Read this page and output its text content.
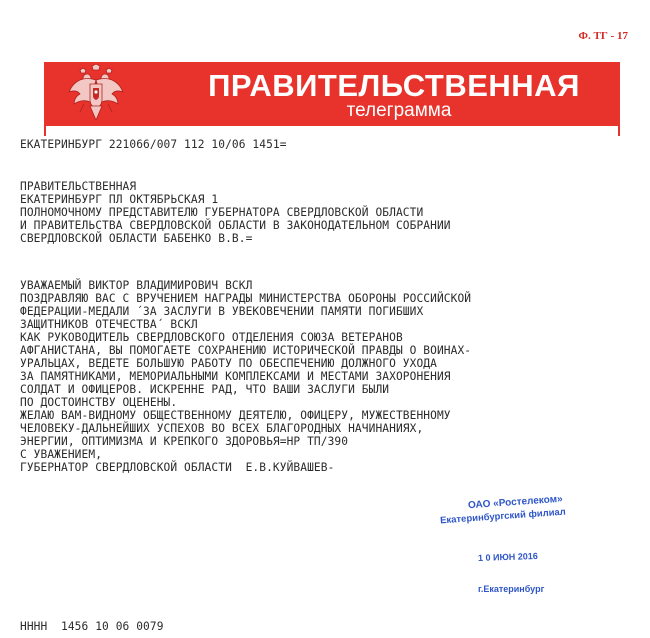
Ф. ТГ - 17
ПРАВИТЕЛЬСТВЕННАЯ
телеграмма
ЕКАТЕРИНБУРГ 221066/007 112 10/06 1451=
ПРАВИТЕЛЬСТВЕННАЯ
ЕКАТЕРИНБУРГ ПЛ ОКТЯБРЬСКАЯ 1
ПОЛНОМОЧНОМУ ПРЕДСТАВИТЕЛЮ ГУБЕРНАТОРА СВЕРДЛОВСКОЙ ОБЛАСТИ
И ПРАВИТЕЛЬСТВА СВЕРДЛОВСКОЙ ОБЛАСТИ В ЗАКОНОДАТЕЛЬНОМ СОБРАНИИ
СВЕРДЛОВСКОЙ ОБЛАСТИ БАБЕНКО В.В.=
УВАЖАЕМЫЙ ВИКТОР ВЛАДИМИРОВИЧ ВСКЛ
ПОЗДРАВЛЯЮ ВАС С ВРУЧЕНИЕМ НАГРАДЫ МИНИСТЕРСТВА ОБОРОНЫ РОССИЙСКОЙ
ФЕДЕРАЦИИ-МЕДАЛИ ´ЗА ЗАСЛУГИ В УВЕКОВЕЧЕНИИ ПАМЯТИ ПОГИБШИХ
ЗАЩИТНИКОВ ОТЕЧЕСТВА´ ВСКЛ
КАК РУКОВОДИТЕЛЬ СВЕРДЛОВСКОГО ОТДЕЛЕНИЯ СОЮЗА ВЕТЕРАНОВ
АФГАНИСТАНА, ВЫ ПОМОГАЕТЕ СОХРАНЕНИЮ ИСТОРИЧЕСКОЙ ПРАВДЫ О ВОИНАХ-
УРАЛЬЦАХ, ВЕДЕТЕ БОЛЬШУЮ РАБОТУ ПО ОБЕСПЕЧЕНИЮ ДОЛЖНОГО УХОДА
ЗА ПАМЯТНИКАМИ, МЕМОРИАЛЬНЫМИ КОМПЛЕКСАМИ И МЕСТАМИ ЗАХОРОНЕНИЯ
СОЛДАТ И ОФИЦЕРОВ. ИСКРЕННЕ РАД, ЧТО ВАШИ ЗАСЛУГИ БЫЛИ
ПО ДОСТОИНСТВУ ОЦЕНЕНЫ.
ЖЕЛАЮ ВАМ-ВИДНОМУ ОБЩЕСТВЕННОМУ ДЕЯТЕЛЮ, ОФИЦЕРУ, МУЖЕСТВЕННОМУ
ЧЕЛОВЕКУ-ДАЛЬНЕЙШИХ УСПЕХОВ ВО ВСЕХ БЛАГОРОДНЫХ НАЧИНАНИЯХ,
ЭНЕРГИИ, ОПТИМИЗМА И КРЕПКОГО ЗДОРОВЬЯ=НР ТП/390
С УВАЖЕНИЕМ,
ГУБЕРНАТОР СВЕРДЛОВСКОЙ ОБЛАСТИ  Е.В.КУЙВАШЕВ-
НННН  1456 10 06 0079
ОАО «Ростелеком»
Екатеринбургский филиал
1 0 ИЮН 2016
г.Екатеринбург
